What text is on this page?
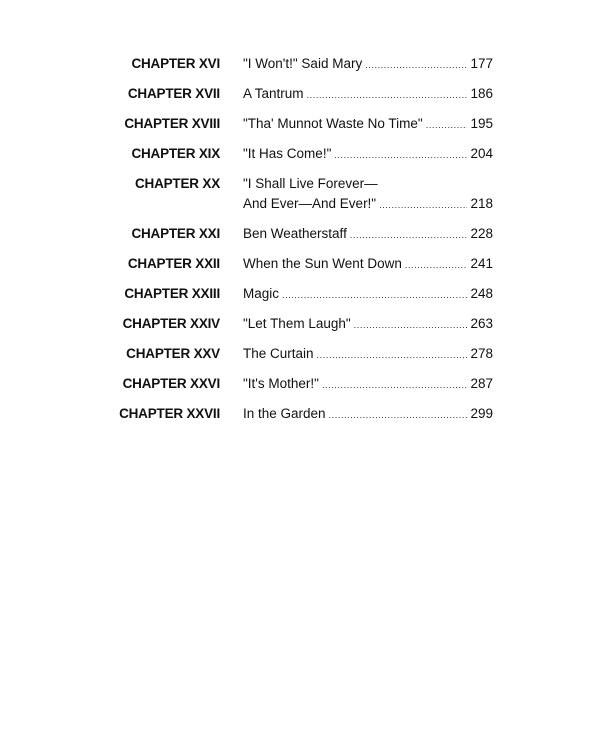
CHAPTER XVI "I Won't!" Said Mary .....	177
CHAPTER XVII A Tantrum .....	186
CHAPTER XVIII "Tha' Munnot Waste No Time" .....	195
CHAPTER XIX "It Has Come!" .....	204
CHAPTER XX "I Shall Live Forever—
And Ever—And Ever!" .....	218
CHAPTER XXI Ben Weatherstaff .....	228
CHAPTER XXII When the Sun Went Down .....	241
CHAPTER XXIII Magic .....	248
CHAPTER XXIV "Let Them Laugh" .....	263
CHAPTER XXV The Curtain .....	278
CHAPTER XXVI "It's Mother!" .....	287
CHAPTER XXVII In the Garden .....	299
